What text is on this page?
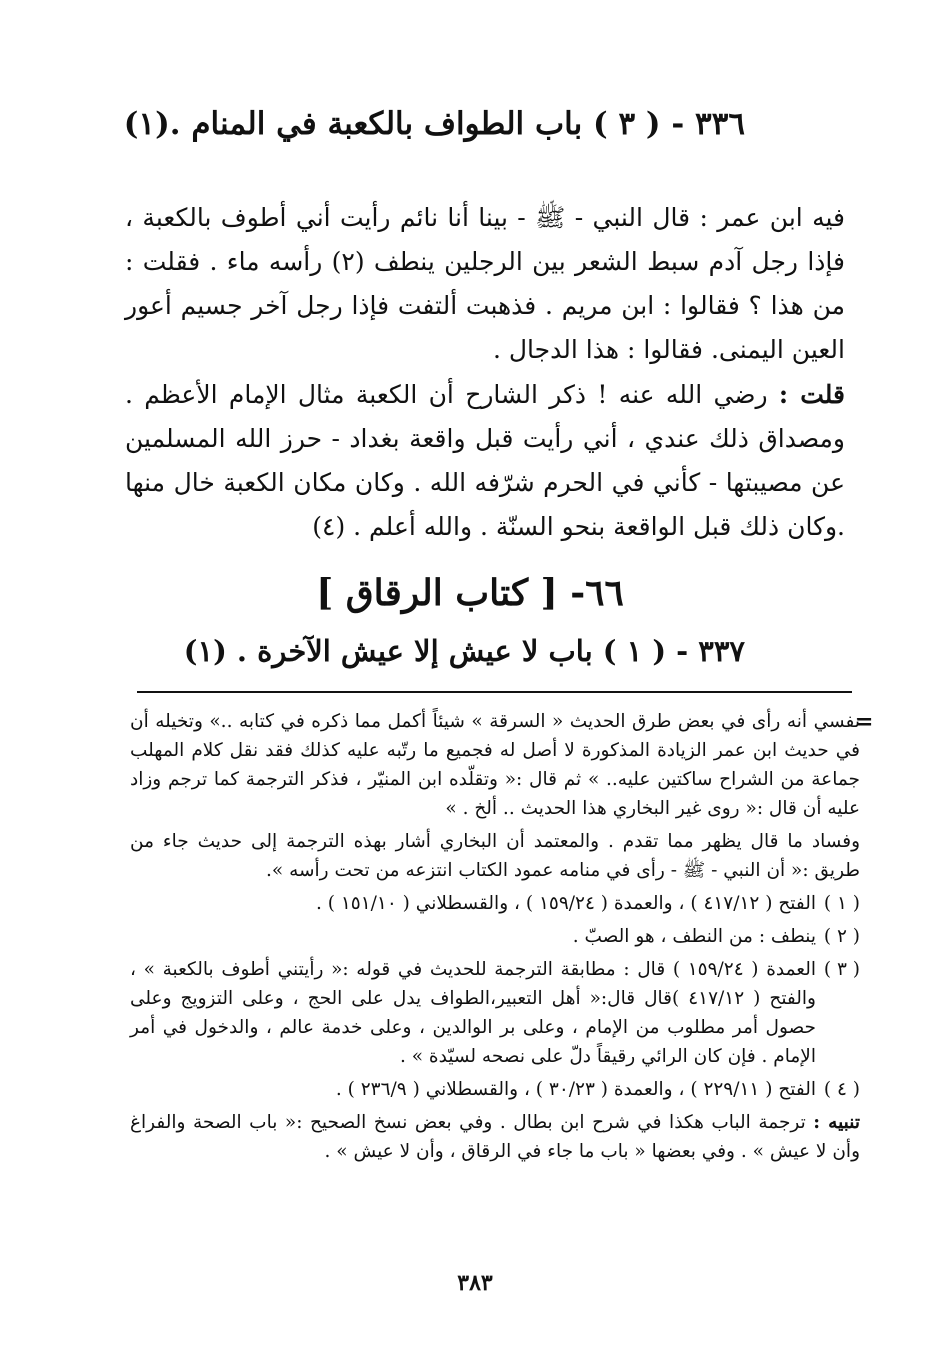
٣٣٦ - ( ٣ ) باب الطواف بالكعبة في المنام .(١)

فيه ابن عمر : قال النبي - ﷺ - بينا أنا نائم رأيت أني أطوف بالكعبة ، فإذا رجل آدم سبط الشعر بين الرجلين ينطف (٢) رأسه ماء . فقلت : من هذا ؟ فقالوا : ابن مريم . فذهبت ألتفت فإذا رجل آخر جسيم أعور العين اليمنى. فقالوا : هذا الدجال .

قلت : رضي الله عنه ! ذكر الشارح أن الكعبة مثال الإمام الأعظم . ومصداق ذلك عندي ، أني رأيت قبل واقعة بغداد - حرز الله المسلمين عن مصيبتها - كأني في الحرم شرّفه الله . وكان مكان الكعبة خال منها .وكان ذلك قبل الواقعة بنحو السنّة . والله أعلم . (٤)

٦٦- [ كتاب الرقاق ]
٣٣٧ - ( ١ ) باب لا عيش إلا عيش الآخرة . (١)
=

نفسي أنه رأى في بعض طرق الحديث « السرقة » شيئاً أكمل مما ذكره في كتابه ..» وتخيله أن في حديث ابن عمر الزيادة المذكورة لا أصل له فجميع ما رتّبه عليه كذلك فقد نقل كلام المهلب جماعة من الشراح ساكتين عليه.. » ثم قال :« وتقلّده ابن المنيّر ، فذكر الترجمة كما ترجم وزاد عليه أن قال :« روى غير البخاري هذا الحديث .. ألخ . »

وفساد ما قال يظهر مما تقدم . والمعتمد أن البخاري أشار بهذه الترجمة إلى حديث جاء من طريق :« أن النبي - ﷺ - رأى في منامه عمود الكتاب انتزعه من تحت رأسه ».

( ١ )
الفتح ( ٤١٧/١٢ ) ، والعمدة ( ١٥٩/٢٤ ) ، والقسطلاني ( ١٥١/١٠ ) .
( ٢ )
ينطف : من النطف ، هو الصبّ .
( ٣ )
العمدة ( ١٥٩/٢٤ ) قال : مطابقة الترجمة للحديث في قوله :« رأيتني أطوف بالكعبة » ، والفتح ( ٤١٧/١٢ )قال قال:« أهل التعبير،الطواف يدل على الحج ، وعلى التزويج وعلى حصول أمر مطلوب من الإمام ، وعلى بر الوالدين ، وعلى خدمة عالم ، والدخول في أمر الإمام . فإن كان الرائي رقيقاً دلّ على نصحه لسيّدة » .
( ٤ )
الفتح ( ٢٢٩/١١ ) ، والعمدة ( ٣٠/٢٣ ) ، والقسطلاني ( ٢٣٦/٩ ) .
تنبيه : ترجمة الباب هكذا في شرح ابن بطال . وفي بعض نسخ الصحيح :« باب الصحة والفراغ وأن لا عيش » . وفي بعضها « باب ما جاء في الرقاق ، وأن لا عيش » .
٣٨٣
